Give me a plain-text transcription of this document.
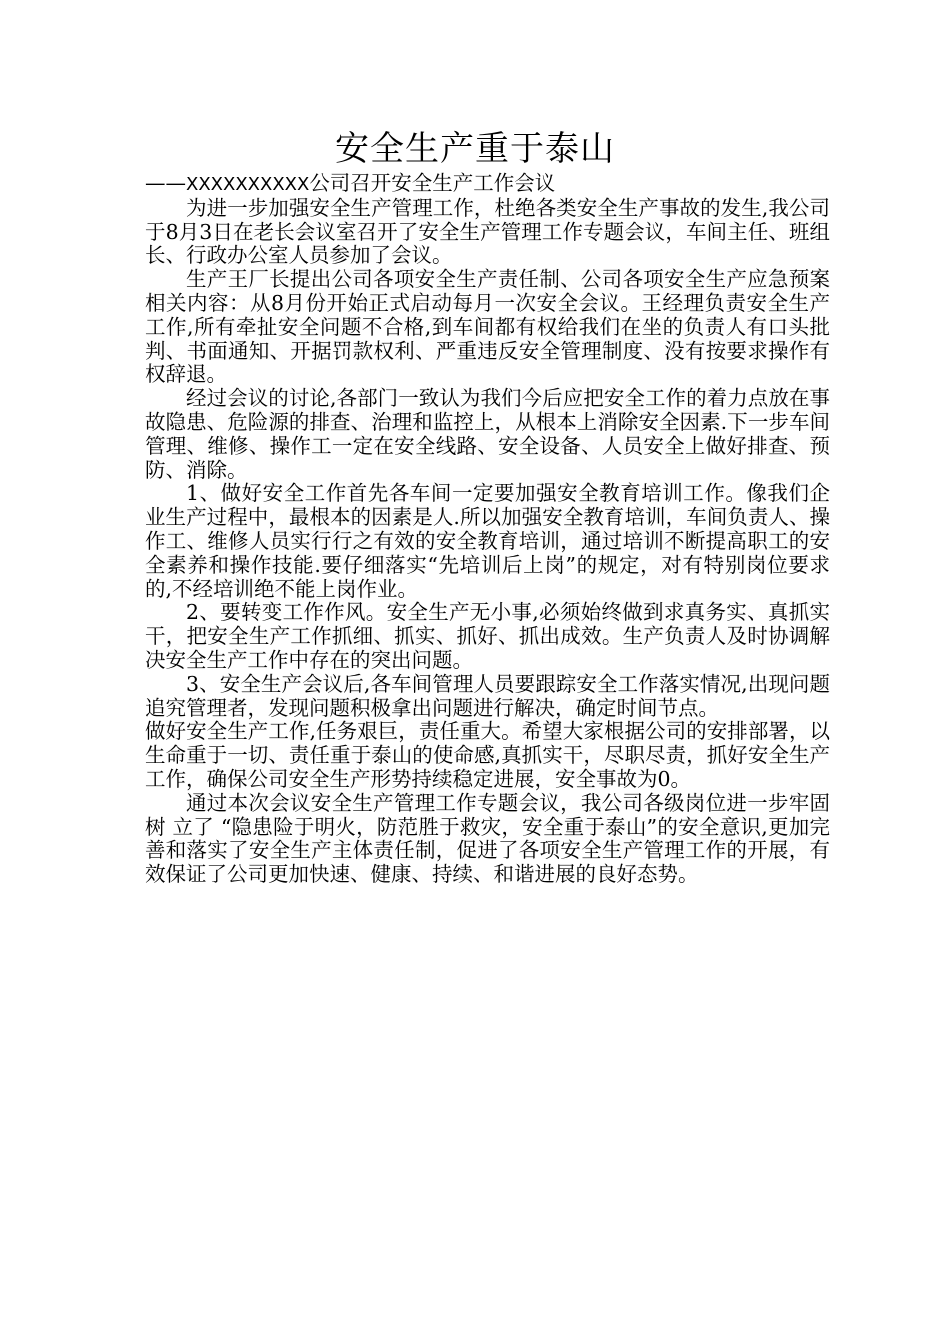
安全生产重于泰山

——XXXXXXXXXX公司召开安全生产工作会议

为进一步加强安全生产管理工作，杜绝各类安全生产事故的发生,我公司于8月3日在老长会议室召开了安全生产管理工作专题会议，车间主任、班组长、行政办公室人员参加了会议。

生产王厂长提出公司各项安全生产责任制、公司各项安全生产应急预案相关内容：从8月份开始正式启动每月一次安全会议。王经理负责安全生产工作,所有牵扯安全问题不合格,到车间都有权给我们在坐的负责人有口头批判、书面通知、开据罚款权利、严重违反安全管理制度、没有按要求操作有权辞退。

经过会议的讨论,各部门一致认为我们今后应把安全工作的着力点放在事故隐患、危险源的排查、治理和监控上，从根本上消除安全因素.下一步车间管理、维修、操作工一定在安全线路、安全设备、人员安全上做好排查、预防、消除。

1、做好安全工作首先各车间一定要加强安全教育培训工作。像我们企业生产过程中，最根本的因素是人.所以加强安全教育培训，车间负责人、操作工、维修人员实行行之有效的安全教育培训，通过培训不断提高职工的安全素养和操作技能.要仔细落实“先培训后上岗”的规定，对有特别岗位要求的,不经培训绝不能上岗作业。

2、要转变工作作风。安全生产无小事,必须始终做到求真务实、真抓实干，把安全生产工作抓细、抓实、抓好、抓出成效。生产负责人及时协调解决安全生产工作中存在的突出问题。

3、安全生产会议后,各车间管理人员要跟踪安全工作落实情况,出现问题追究管理者，发现问题积极拿出问题进行解决，确定时间节点。

做好安全生产工作,任务艰巨，责任重大。希望大家根据公司的安排部署，以生命重于一切、责任重于泰山的使命感,真抓实干，尽职尽责，抓好安全生产工作，确保公司安全生产形势持续稳定进展，安全事故为0。

通过本次会议安全生产管理工作专题会议，我公司各级岗位进一步牢固树 立了 “隐患险于明火，防范胜于救灾，安全重于泰山”的安全意识,更加完善和落实了安全生产主体责任制，促进了各项安全生产管理工作的开展，有效保证了公司更加快速、健康、持续、和谐进展的良好态势。
